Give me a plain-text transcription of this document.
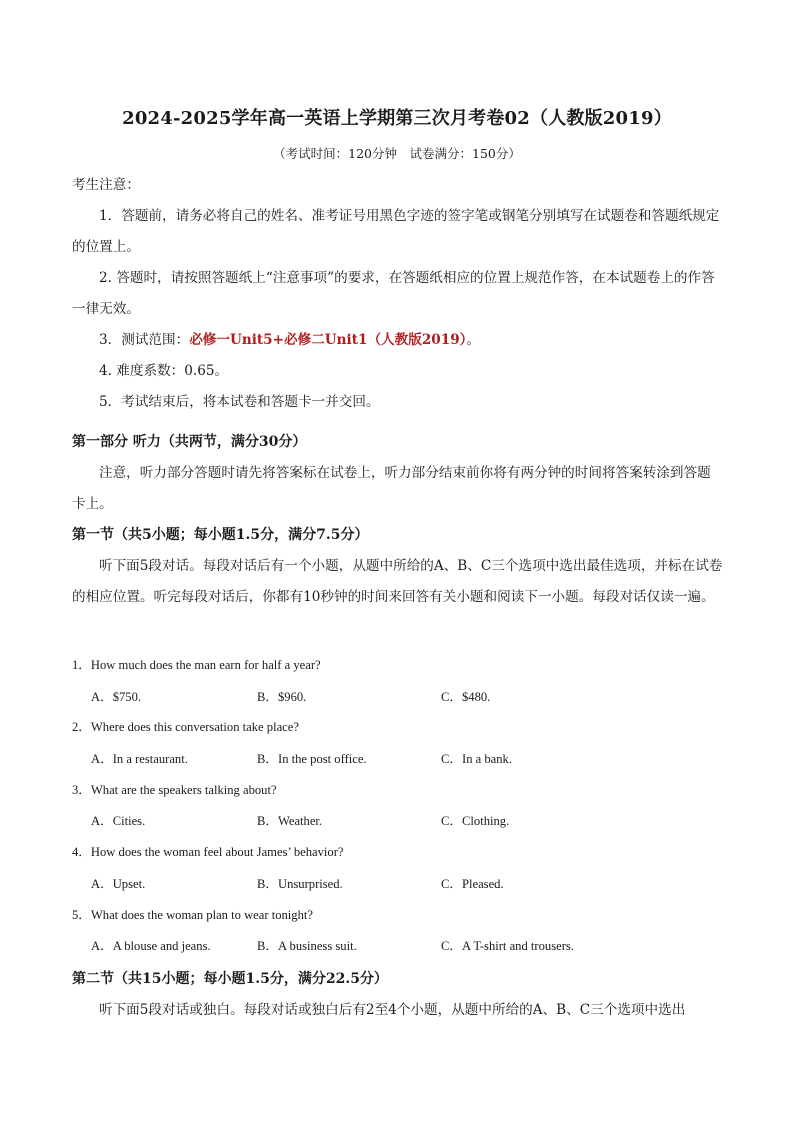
2024-2025学年高一英语上学期第三次月考卷02（人教版2019）
（考试时间：120分钟　试卷满分：150分）
考生注意：
1．答题前，请务必将自己的姓名、准考证号用黑色字迹的签字笔或钢笔分别填写在试题卷和答题纸规定的位置上。
2. 答题时，请按照答题纸上“注意事项”的要求，在答题纸相应的位置上规范作答，在本试题卷上的作答一律无效。
3．测试范围：必修一Unit5+必修二Unit1（人教版2019）。
4. 难度系数：0.65。
5．考试结束后，将本试卷和答题卡一并交回。
第一部分 听力（共两节，满分30分）
注意，听力部分答题时请先将答案标在试卷上，听力部分结束前你将有两分钟的时间将答案转涂到答题卡上。
第一节（共5小题；每小题1.5分，满分7.5分）
听下面5段对话。每段对话后有一个小题，从题中所给的A、B、C三个选项中选出最佳选项，并标在试卷的相应位置。听完每段对话后，你都有10秒钟的时间来回答有关小题和阅读下一小题。每段对话仅读一遍。
1．How much does the man earn for half a year?
A．$750.	B．$960.	C．$480.
2．Where does this conversation take place?
A．In a restaurant.	B．In the post office.	C．In a bank.
3．What are the speakers talking about?
A．Cities.	B．Weather.	C．Clothing.
4．How does the woman feel about James’ behavior?
A．Upset.	B．Unsurprised.	C．Pleased.
5．What does the woman plan to wear tonight?
A．A blouse and jeans.	B．A business suit.	C．A T-shirt and trousers.
第二节（共15小题；每小题1.5分，满分22.5分）
听下面5段对话或独白。每段对话或独白后有2至4个小题，从题中所给的A、B、C三个选项中选出
